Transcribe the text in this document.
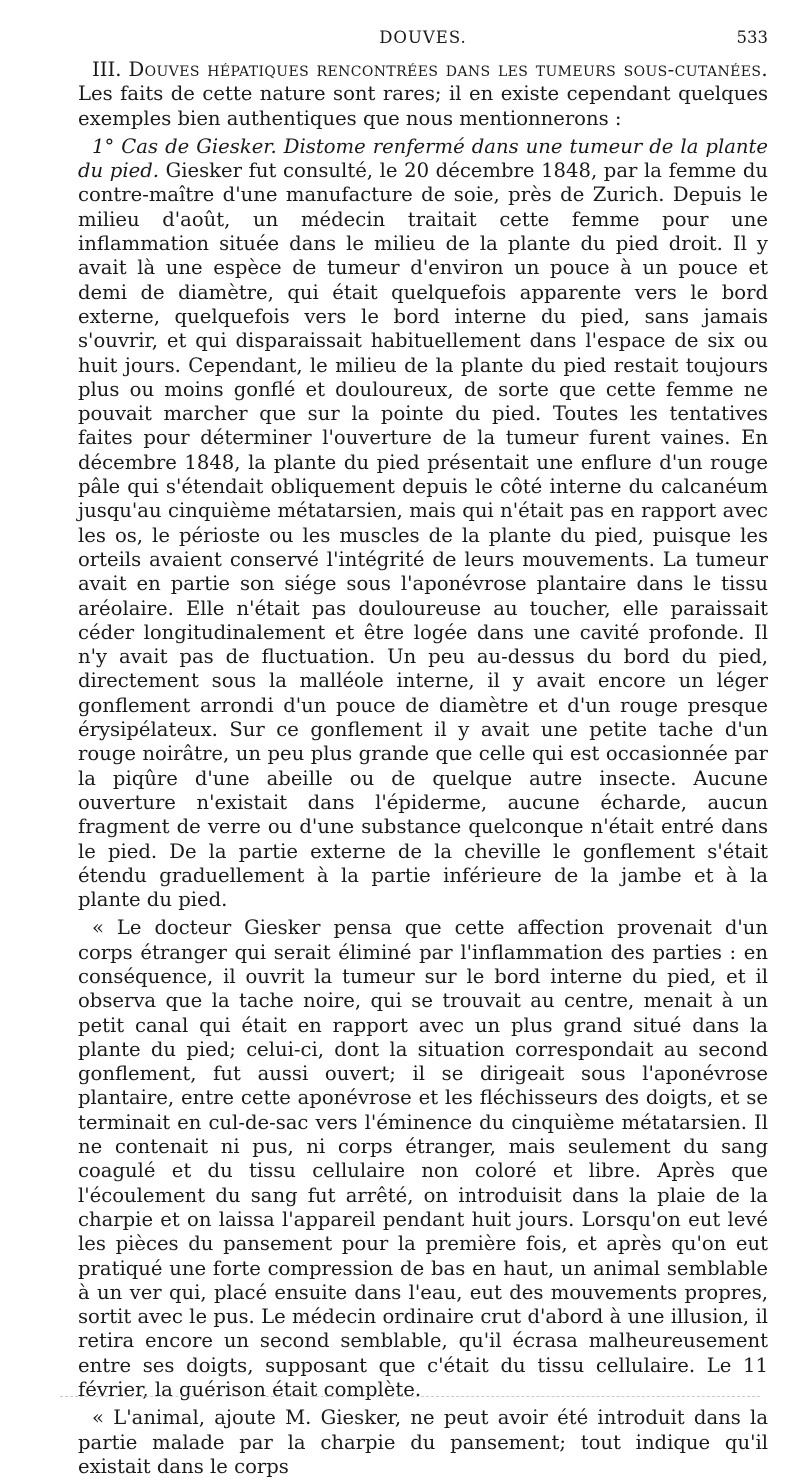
DOUVES.	533

III. Douves hépatiques rencontrées dans les tumeurs sous-cutanées. Les faits de cette nature sont rares; il en existe cependant quelques exemples bien authentiques que nous mentionnerons :

1° Cas de Giesker. Distome renfermé dans une tumeur de la plante du pied. Giesker fut consulté, le 20 décembre 1848, par la femme du contre-maître d'une manufacture de soie, près de Zurich. Depuis le milieu d'août, un médecin traitait cette femme pour une inflammation située dans le milieu de la plante du pied droit. Il y avait là une espèce de tumeur d'environ un pouce à un pouce et demi de diamètre, qui était quelquefois apparente vers le bord externe, quelquefois vers le bord interne du pied, sans jamais s'ouvrir, et qui disparaissait habituellement dans l'espace de six ou huit jours. Cependant, le milieu de la plante du pied restait toujours plus ou moins gonflé et douloureux, de sorte que cette femme ne pouvait marcher que sur la pointe du pied. Toutes les tentatives faites pour déterminer l'ouverture de la tumeur furent vaines. En décembre 1848, la plante du pied présentait une enflure d'un rouge pâle qui s'étendait obliquement depuis le côté interne du calcanéum jusqu'au cinquième métatarsien, mais qui n'était pas en rapport avec les os, le périoste ou les muscles de la plante du pied, puisque les orteils avaient conservé l'intégrité de leurs mouvements. La tumeur avait en partie son siége sous l'aponévrose plantaire dans le tissu aréolaire. Elle n'était pas douloureuse au toucher, elle paraissait céder longitudinalement et être logée dans une cavité profonde. Il n'y avait pas de fluctuation. Un peu au-dessus du bord du pied, directement sous la malléole interne, il y avait encore un léger gonflement arrondi d'un pouce de diamètre et d'un rouge presque érysipélateux. Sur ce gonflement il y avait une petite tache d'un rouge noirâtre, un peu plus grande que celle qui est occasionnée par la piqûre d'une abeille ou de quelque autre insecte. Aucune ouverture n'existait dans l'épiderme, aucune écharde, aucun fragment de verre ou d'une substance quelconque n'était entré dans le pied. De la partie externe de la cheville le gonflement s'était étendu graduellement à la partie inférieure de la jambe et à la plante du pied.

« Le docteur Giesker pensa que cette affection provenait d'un corps étranger qui serait éliminé par l'inflammation des parties : en conséquence, il ouvrit la tumeur sur le bord interne du pied, et il observa que la tache noire, qui se trouvait au centre, menait à un petit canal qui était en rapport avec un plus grand situé dans la plante du pied; celui-ci, dont la situation correspondait au second gonflement, fut aussi ouvert; il se dirigeait sous l'aponévrose plantaire, entre cette aponévrose et les fléchisseurs des doigts, et se terminait en cul-de-sac vers l'éminence du cinquième métatarsien. Il ne contenait ni pus, ni corps étranger, mais seulement du sang coagulé et du tissu cellulaire non coloré et libre. Après que l'écoulement du sang fut arrêté, on introduisit dans la plaie de la charpie et on laissa l'appareil pendant huit jours. Lorsqu'on eut levé les pièces du pansement pour la première fois, et après qu'on eut pratiqué une forte compression de bas en haut, un animal semblable à un ver qui, placé ensuite dans l'eau, eut des mouvements propres, sortit avec le pus. Le médecin ordinaire crut d'abord à une illusion, il retira encore un second semblable, qu'il écrasa malheureusement entre ses doigts, supposant que c'était du tissu cellulaire. Le 11 février, la guérison était complète.

« L'animal, ajoute M. Giesker, ne peut avoir été introduit dans la partie malade par la charpie du pansement; tout indique qu'il existait dans le corps
